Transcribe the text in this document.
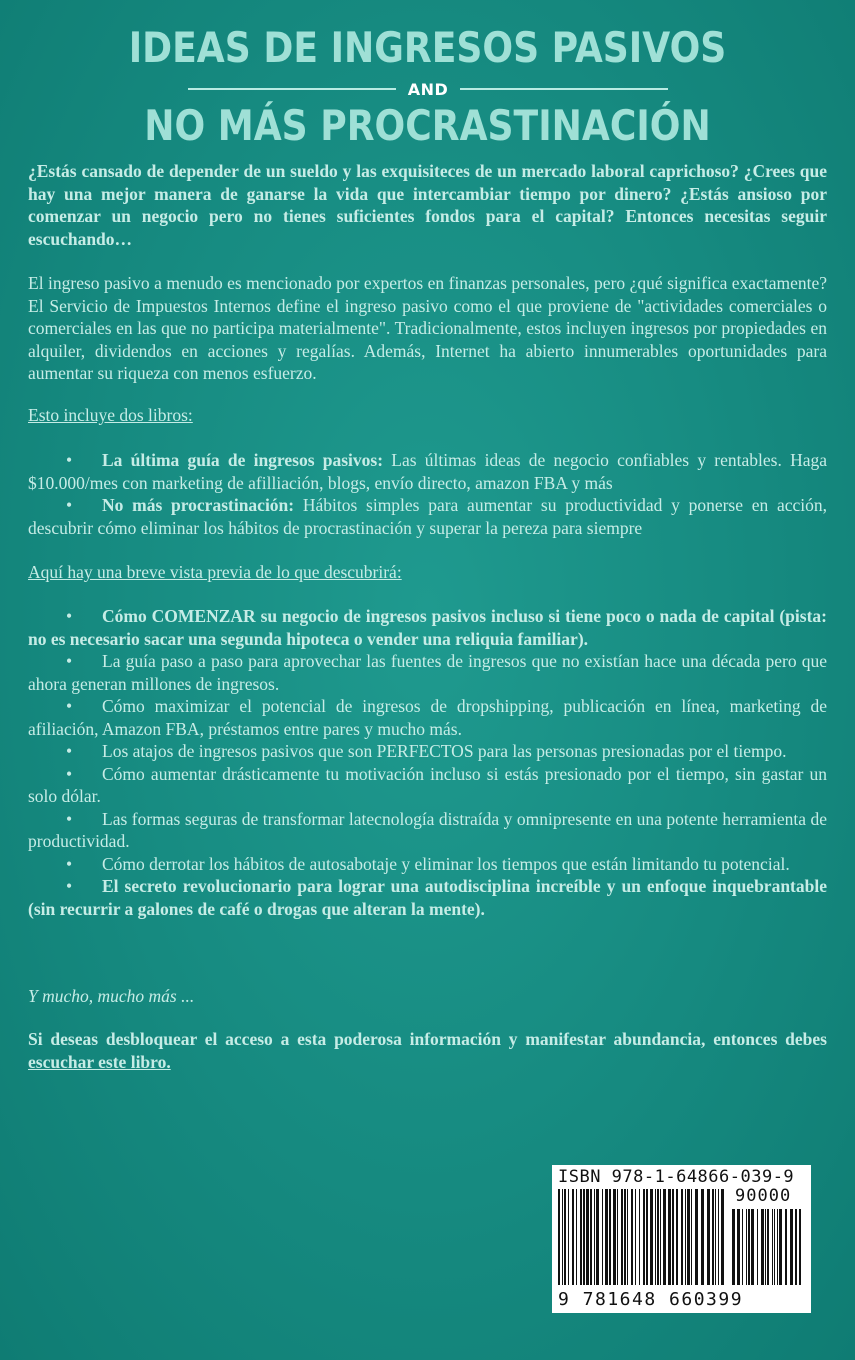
IDEAS DE INGRESOS PASIVOS
AND
NO MÁS PROCRASTINACIÓN
¿Estás cansado de depender de un sueldo y las exquisiteces de un mercado laboral caprichoso? ¿Crees que hay una mejor manera de ganarse la vida que intercambiar tiempo por dinero? ¿Estás ansioso por comenzar un negocio pero no tienes suficientes fondos para el capital? Entonces necesitas seguir escuchando…
El ingreso pasivo a menudo es mencionado por expertos en finanzas personales, pero ¿qué significa exactamente? El Servicio de Impuestos Internos define el ingreso pasivo como el que proviene de "actividades comerciales o comerciales en las que no participa materialmente". Tradicionalmente, estos incluyen ingresos por propiedades en alquiler, dividendos en acciones y regalías. Además, Internet ha abierto innumerables oportunidades para aumentar su riqueza con menos esfuerzo.
Esto incluye dos libros:
• La última guía de ingresos pasivos: Las últimas ideas de negocio confiables y rentables. Haga $10.000/mes con marketing de afilliación, blogs, envío directo, amazon FBA y más
• No más procrastinación: Hábitos simples para aumentar su productividad y ponerse en acción, descubrir cómo eliminar los hábitos de procrastinación y superar la pereza para siempre
Aquí hay una breve vista previa de lo que descubrirá:
• Cómo COMENZAR su negocio de ingresos pasivos incluso si tiene poco o nada de capital (pista: no es necesario sacar una segunda hipoteca o vender una reliquia familiar).
• La guía paso a paso para aprovechar las fuentes de ingresos que no existían hace una década pero que ahora generan millones de ingresos.
• Cómo maximizar el potencial de ingresos de dropshipping, publicación en línea, marketing de afiliación, Amazon FBA, préstamos entre pares y mucho más.
• Los atajos de ingresos pasivos que son PERFECTOS para las personas presionadas por el tiempo.
• Cómo aumentar drásticamente tu motivación incluso si estás presionado por el tiempo, sin gastar un solo dólar.
• Las formas seguras de transformar latecnología distraída y omnipresente en una potente herramienta de productividad.
• Cómo derrotar los hábitos de autosabotaje y eliminar los tiempos que están limitando tu potencial.
• El secreto revolucionario para lograr una autodisciplina increíble y un enfoque inquebrantable (sin recurrir a galones de café o drogas que alteran la mente).
Y mucho, mucho más ...
Si deseas desbloquear el acceso a esta poderosa información y manifestar abundancia, entonces debes escuchar este libro.
ISBN 978-1-64866-039-9
90000
9 781648 660399
